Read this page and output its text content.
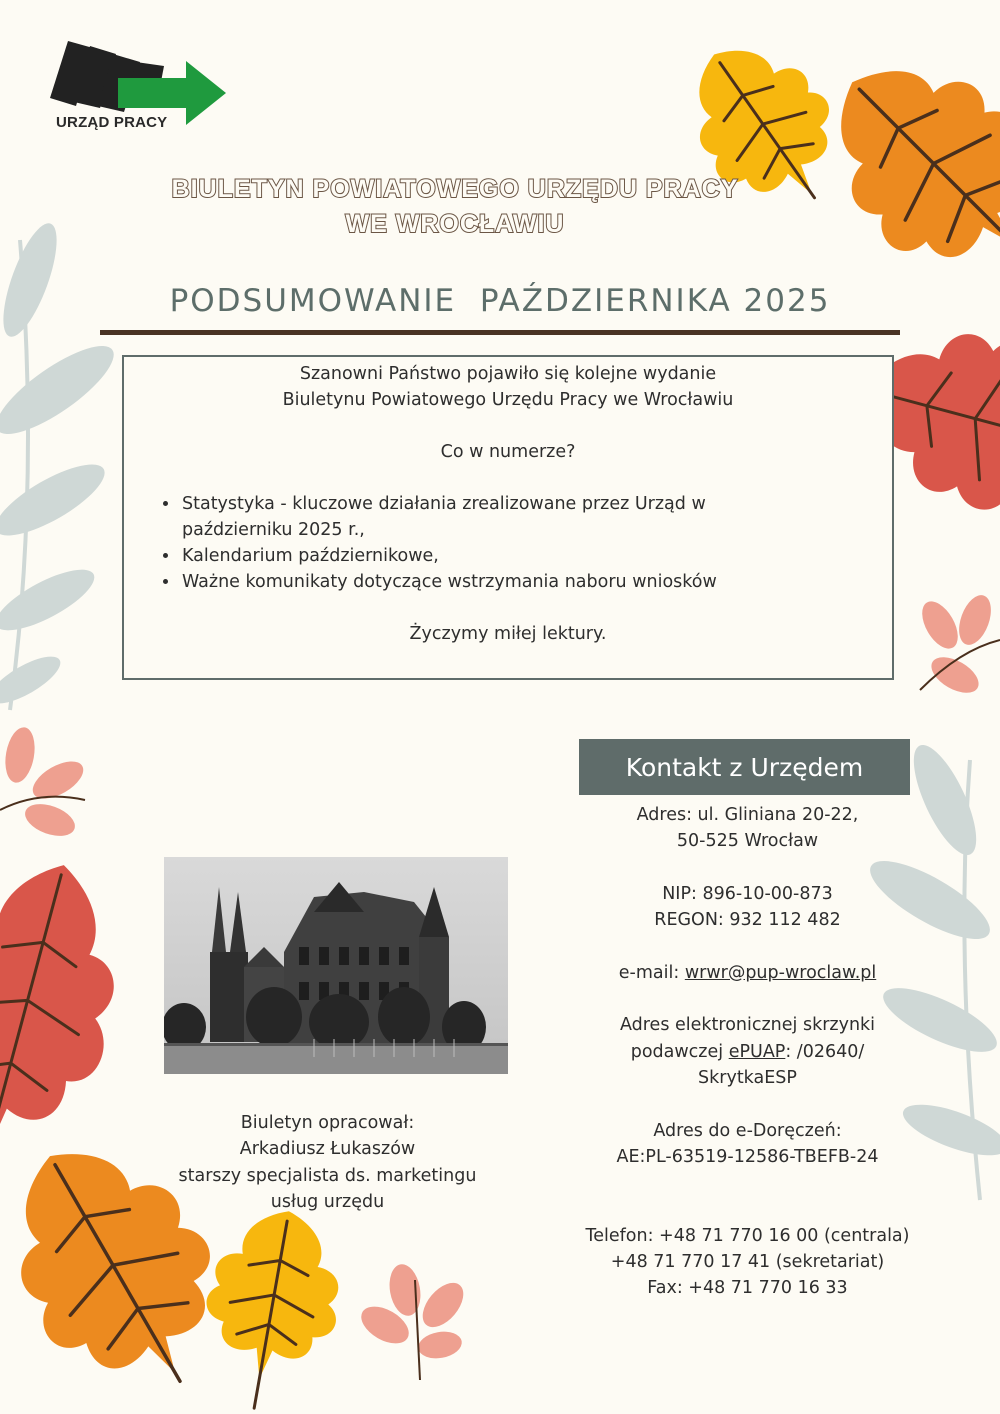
URZĄD PRACY
BIULETYN POWIATOWEGO URZĘDU PRACY
WE WROCŁAWIU
PODSUMOWANIE  PAŹDZIERNIKA 2025
Szanowni Państwo pojawiło się kolejne wydanie
Biuletynu Powiatowego Urzędu Pracy we Wrocławiu
Co w numerze?
• Statystyka - kluczowe działania zrealizowane przez Urząd w październiku 2025 r.,
• Kalendarium październikowe,
• Ważne komunikaty dotyczące wstrzymania naboru wniosków
Życzymy miłej lektury.
Kontakt z Urzędem
Adres: ul. Gliniana 20-22,
50-525 Wrocław
NIP: 896-10-00-873
REGON: 932 112 482
e-mail: wrwr@pup-wroclaw.pl
Adres elektronicznej skrzynki
podawczej ePUAP: /02640/
SkrytkaESP
Adres do e-Doręczeń:
AE:PL-63519-12586-TBEFB-24
Telefon: +48 71 770 16 00 (centrala)
+48 71 770 17 41 (sekretariat)
Fax: +48 71 770 16 33
Biuletyn opracował:
Arkadiusz Łukaszów
starszy specjalista ds. marketingu
usług urzędu
